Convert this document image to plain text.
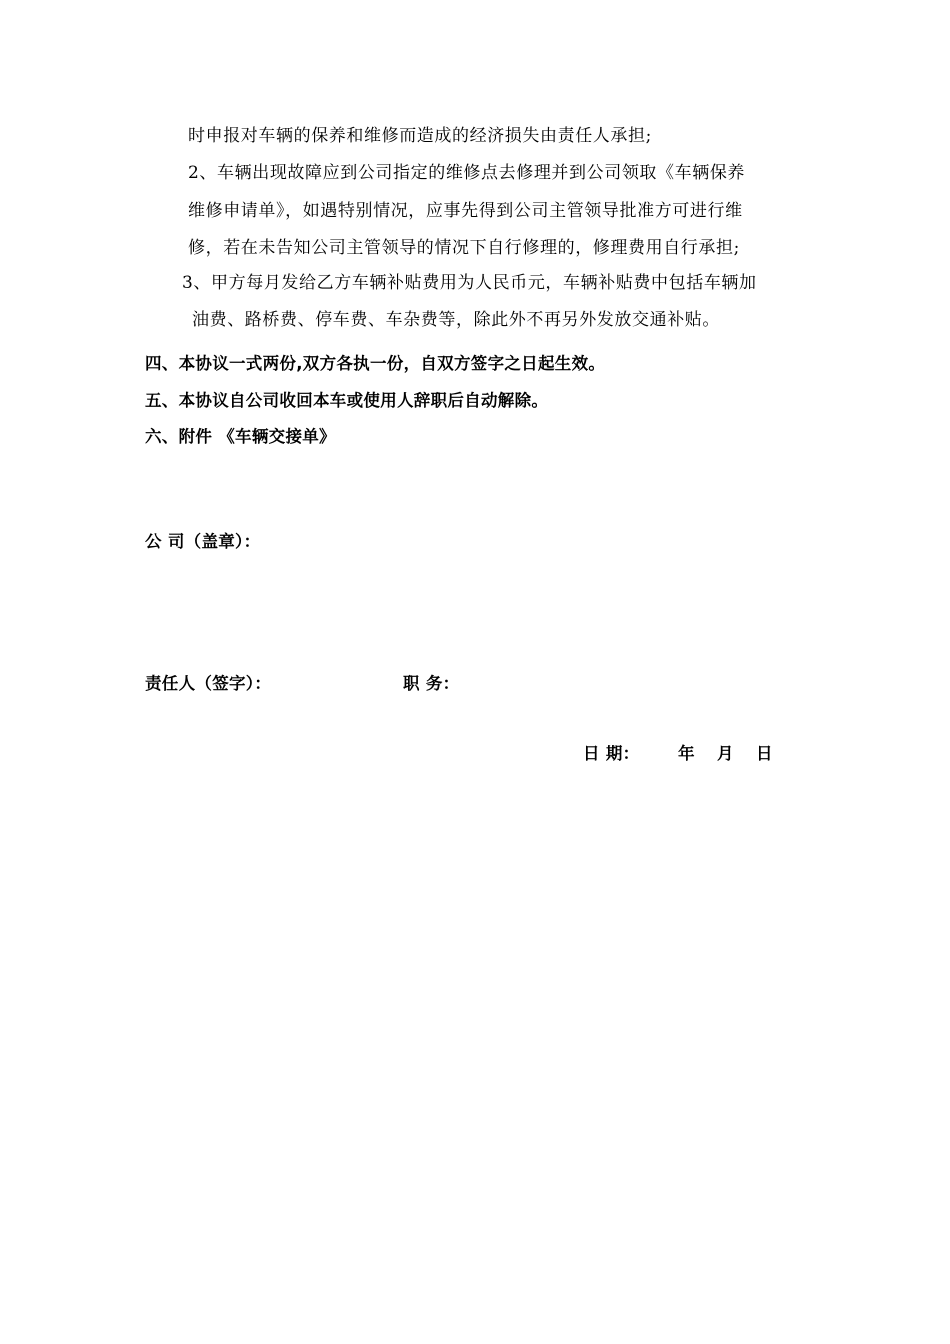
时申报对车辆的保养和维修而造成的经济损失由责任人承担;
2、车辆出现故障应到公司指定的维修点去修理并到公司领取《车辆保养
维修申请单》，如遇特别情况，应事先得到公司主管领导批准方可进行维
修，若在未告知公司主管领导的情况下自行修理的，修理费用自行承担;
3、甲方每月发给乙方车辆补贴费用为人民币元，车辆补贴费中包括车辆加
油费、路桥费、停车费、车杂费等，除此外不再另外发放交通补贴。
四、本协议一式两份,双方各执一份，自双方签字之日起生效。
五、本协议自公司收回本车或使用人辞职后自动解除。
六、附件 《车辆交接单》
公 司（盖章）：
责任人（签字）：	职 务：
日 期： 年 月 日
